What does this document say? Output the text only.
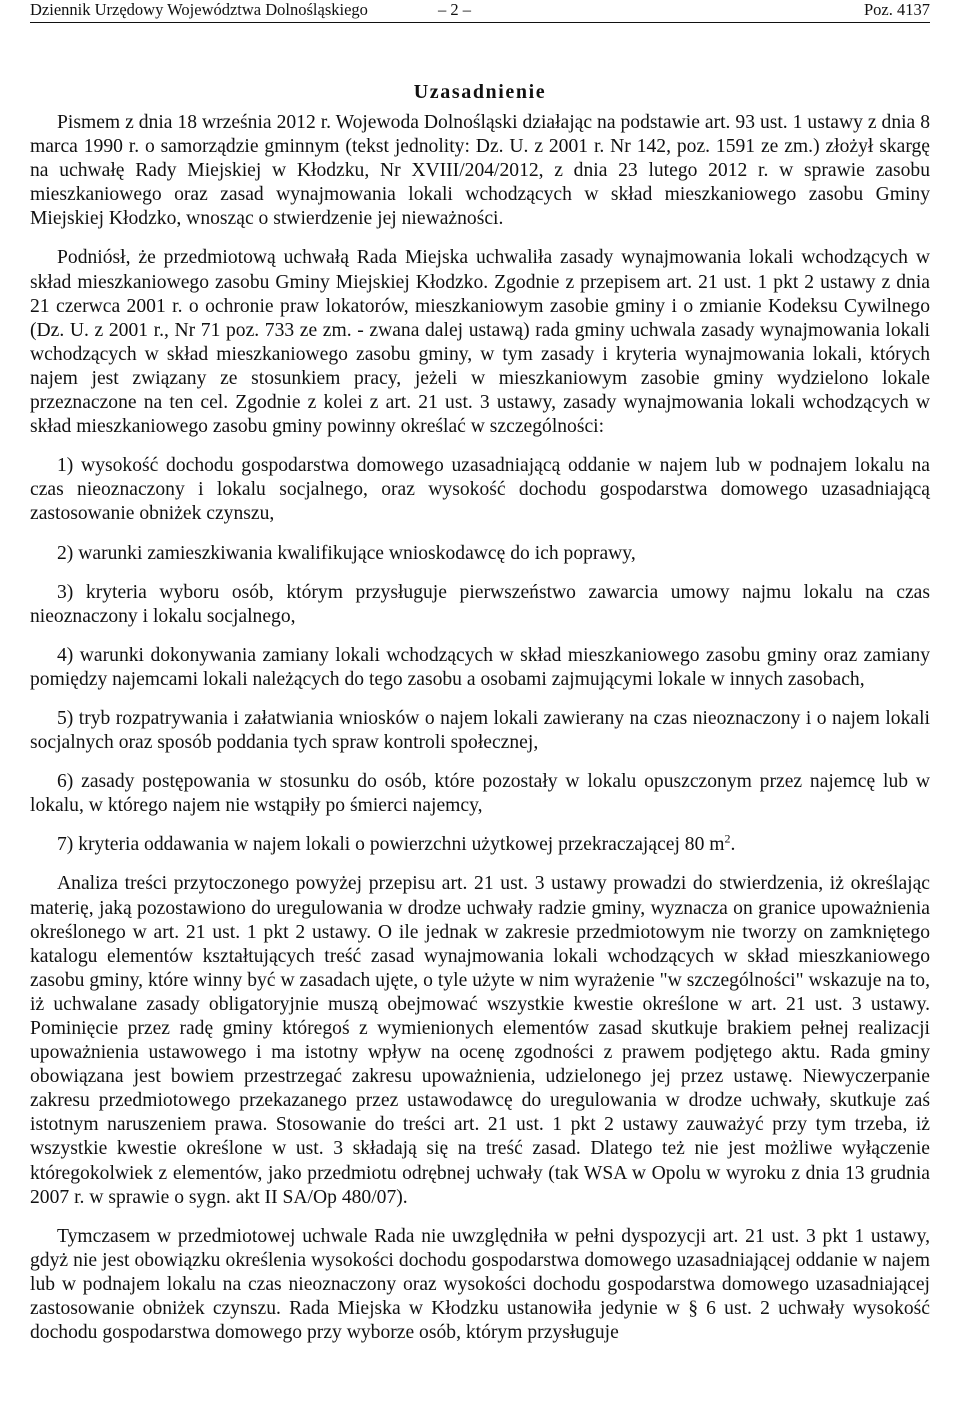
Dziennik Urzędowy Województwa Dolnośląskiego	– 2 –	Poz. 4137
Uzasadnienie

Pismem z dnia 18 września 2012 r. Wojewoda Dolnośląski działając na podstawie art. 93 ust. 1 ustawy z dnia 8 marca 1990 r. o samorządzie gminnym (tekst jednolity: Dz. U. z 2001 r. Nr 142, poz. 1591 ze zm.) złożył skargę na uchwałę Rady Miejskiej w Kłodzku, Nr XVIII/204/2012, z dnia 23 lutego 2012 r. w sprawie zasobu mieszkaniowego oraz zasad wynajmowania lokali wchodzących w skład mieszkaniowego zasobu Gminy Miejskiej Kłodzko, wnosząc o stwierdzenie jej nieważności.

Podniósł, że przedmiotową uchwałą Rada Miejska uchwaliła zasady wynajmowania lokali wchodzących w skład mieszkaniowego zasobu Gminy Miejskiej Kłodzko. Zgodnie z przepisem art. 21 ust. 1 pkt 2 ustawy z dnia 21 czerwca 2001 r. o ochronie praw lokatorów, mieszkaniowym zasobie gminy i o zmianie Kodeksu Cywilnego (Dz. U. z 2001 r., Nr 71 poz. 733 ze zm. - zwana dalej ustawą) rada gminy uchwala zasady wynajmowania lokali wchodzących w skład mieszkaniowego zasobu gminy, w tym zasady i kryteria wynajmowania lokali, których najem jest związany ze stosunkiem pracy, jeżeli w mieszkaniowym zasobie gminy wydzielono lokale przeznaczone na ten cel. Zgodnie z kolei z art. 21 ust. 3 ustawy, zasady wynajmowania lokali wchodzących w skład mieszkaniowego zasobu gminy powinny określać w szczególności:

1) wysokość dochodu gospodarstwa domowego uzasadniającą oddanie w najem lub w podnajem lokalu na czas nieoznaczony i lokalu socjalnego, oraz wysokość dochodu gospodarstwa domowego uzasadniającą zastosowanie obniżek czynszu,

2) warunki zamieszkiwania kwalifikujące wnioskodawcę do ich poprawy,

3) kryteria wyboru osób, którym przysługuje pierwszeństwo zawarcia umowy najmu lokalu na czas nieoznaczony i lokalu socjalnego,

4) warunki dokonywania zamiany lokali wchodzących w skład mieszkaniowego zasobu gminy oraz zamiany pomiędzy najemcami lokali należących do tego zasobu a osobami zajmującymi lokale w innych zasobach,

5) tryb rozpatrywania i załatwiania wniosków o najem lokali zawierany na czas nieoznaczony i o najem lokali socjalnych oraz sposób poddania tych spraw kontroli społecznej,

6) zasady postępowania w stosunku do osób, które pozostały w lokalu opuszczonym przez najemcę lub w lokalu, w którego najem nie wstąpiły po śmierci najemcy,

7) kryteria oddawania w najem lokali o powierzchni użytkowej przekraczającej 80 $m^2$.

Analiza treści przytoczonego powyżej przepisu art. 21 ust. 3 ustawy prowadzi do stwierdzenia, iż określając materię, jaką pozostawiono do uregulowania w drodze uchwały radzie gminy, wyznacza on granice upoważnienia określonego w art. 21 ust. 1 pkt 2 ustawy. O ile jednak w zakresie przedmiotowym nie tworzy on zamkniętego katalogu elementów kształtujących treść zasad wynajmowania lokali wchodzących w skład mieszkaniowego zasobu gminy, które winny być w zasadach ujęte, o tyle użyte w nim wyrażenie "w szczególności" wskazuje na to, iż uchwalane zasady obligatoryjnie muszą obejmować wszystkie kwestie określone w art. 21 ust. 3 ustawy. Pominięcie przez radę gminy któregoś z wymienionych elementów zasad skutkuje brakiem pełnej realizacji upoważnienia ustawowego i ma istotny wpływ na ocenę zgodności z prawem podjętego aktu. Rada gminy obowiązana jest bowiem przestrzegać zakresu upoważnienia, udzielonego jej przez ustawę. Niewyczerpanie zakresu przedmiotowego przekazanego przez ustawodawcę do uregulowania w drodze uchwały, skutkuje zaś istotnym naruszeniem prawa. Stosowanie do treści art. 21 ust. 1 pkt 2 ustawy zauważyć przy tym trzeba, iż wszystkie kwestie określone w ust. 3 składają się na treść zasad. Dlatego też nie jest możliwe wyłączenie któregokolwiek z elementów, jako przedmiotu odrębnej uchwały (tak WSA w Opolu w wyroku z dnia 13 grudnia 2007 r. w sprawie o sygn. akt II SA/Op 480/07).

Tymczasem w przedmiotowej uchwale Rada nie uwzględniła w pełni dyspozycji art. 21 ust. 3 pkt 1 ustawy, gdyż nie jest obowiązku określenia wysokości dochodu gospodarstwa domowego uzasadniającej oddanie w najem lub w podnajem lokalu na czas nieoznaczony oraz wysokości dochodu gospodarstwa domowego uzasadniającej zastosowanie obniżek czynszu. Rada Miejska w Kłodzku ustanowiła jedynie w § 6 ust. 2 uchwały wysokość dochodu gospodarstwa domowego przy wyborze osób, którym przysługuje
